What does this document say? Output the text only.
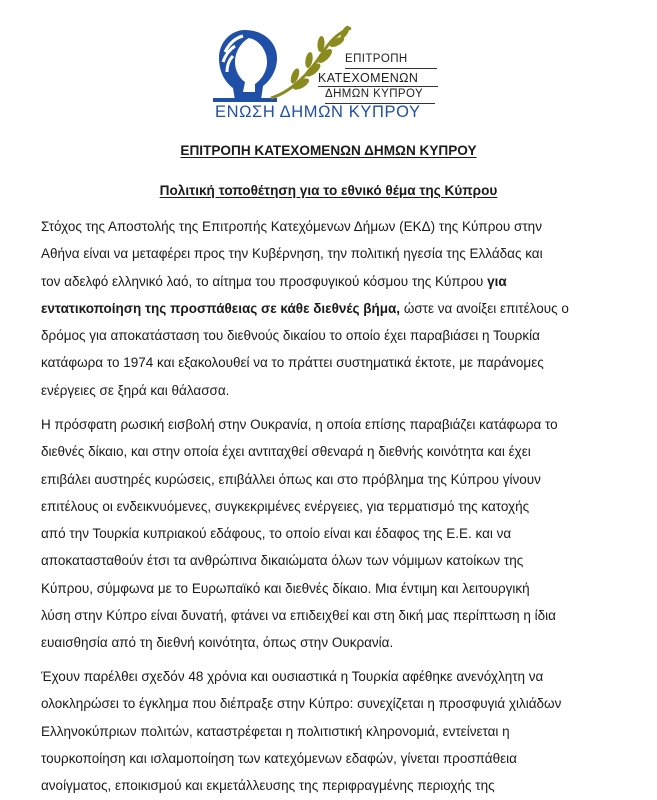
ΕΠΙΤΡΟΠΗ
ΚΑΤΕΧΟΜΕΝΩΝ
ΔΗΜΩΝ ΚΥΠΡΟΥ
ΕΝΩΣΗ ΔΗΜΩΝ ΚΥΠΡΟΥ
ΕΠΙΤΡΟΠΗ ΚΑΤΕΧΟΜΕΝΩΝ ΔΗΜΩΝ ΚΥΠΡΟΥ
Πολιτική τοποθέτηση για το εθνικό θέμα της Κύπρου

Στόχος της Αποστολής της Επιτροπής Κατεχόμενων Δήμων (ΕΚΔ) της Κύπρου στην

Αθήνα είναι να μεταφέρει προς την Κυβέρνηση, την πολιτική ηγεσία της Ελλάδας και

τον αδελφό ελληνικό λαό, το αίτημα του προσφυγικού κόσμου της Κύπρου για

εντατικοποίηση της προσπάθειας σε κάθε διεθνές βήμα, ώστε να ανοίξει επιτέλους ο

δρόμος για αποκατάσταση του διεθνούς δικαίου το οποίο έχει παραβιάσει η Τουρκία

κατάφωρα το 1974 και εξακολουθεί να το πράττει συστηματικά έκτοτε, με παράνομες

ενέργειες σε ξηρά και θάλασσα.

Η πρόσφατη ρωσική εισβολή στην Ουκρανία, η οποία επίσης παραβιάζει κατάφωρα το

διεθνές δίκαιο, και στην οποία έχει αντιταχθεί σθεναρά η διεθνής κοινότητα και έχει

επιβάλει αυστηρές κυρώσεις, επιβάλλει όπως και στο πρόβλημα της Κύπρου γίνουν

επιτέλους οι ενδεικνυόμενες, συγκεκριμένες ενέργειες, για τερματισμό της κατοχής

από την Τουρκία κυπριακού εδάφους, το οποίο είναι και έδαφος της Ε.Ε. και να

αποκατασταθούν έτσι τα ανθρώπινα δικαιώματα όλων των νόμιμων κατοίκων της

Κύπρου, σύμφωνα με το Ευρωπαϊκό και διεθνές δίκαιο. Μια έντιμη και λειτουργική

λύση στην Κύπρο είναι δυνατή, φτάνει να επιδειχθεί και στη δική μας περίπτωση η ίδια

ευαισθησία από τη διεθνή κοινότητα, όπως στην Ουκρανία.

Έχουν παρέλθει σχεδόν 48 χρόνια και ουσιαστικά η Τουρκία αφέθηκε ανενόχλητη να

ολοκληρώσει το έγκλημα που διέπραξε στην Κύπρο: συνεχίζεται η προσφυγιά χιλιάδων

Ελληνοκύπριων πολιτών, καταστρέφεται η πολιτιστική κληρονομιά, εντείνεται η

τουρκοποίηση και ισλαμοποίηση των κατεχόμενων εδαφών, γίνεται προσπάθεια

ανοίγματος, εποικισμού και εκμετάλλευσης της περιφραγμένης περιοχής της
